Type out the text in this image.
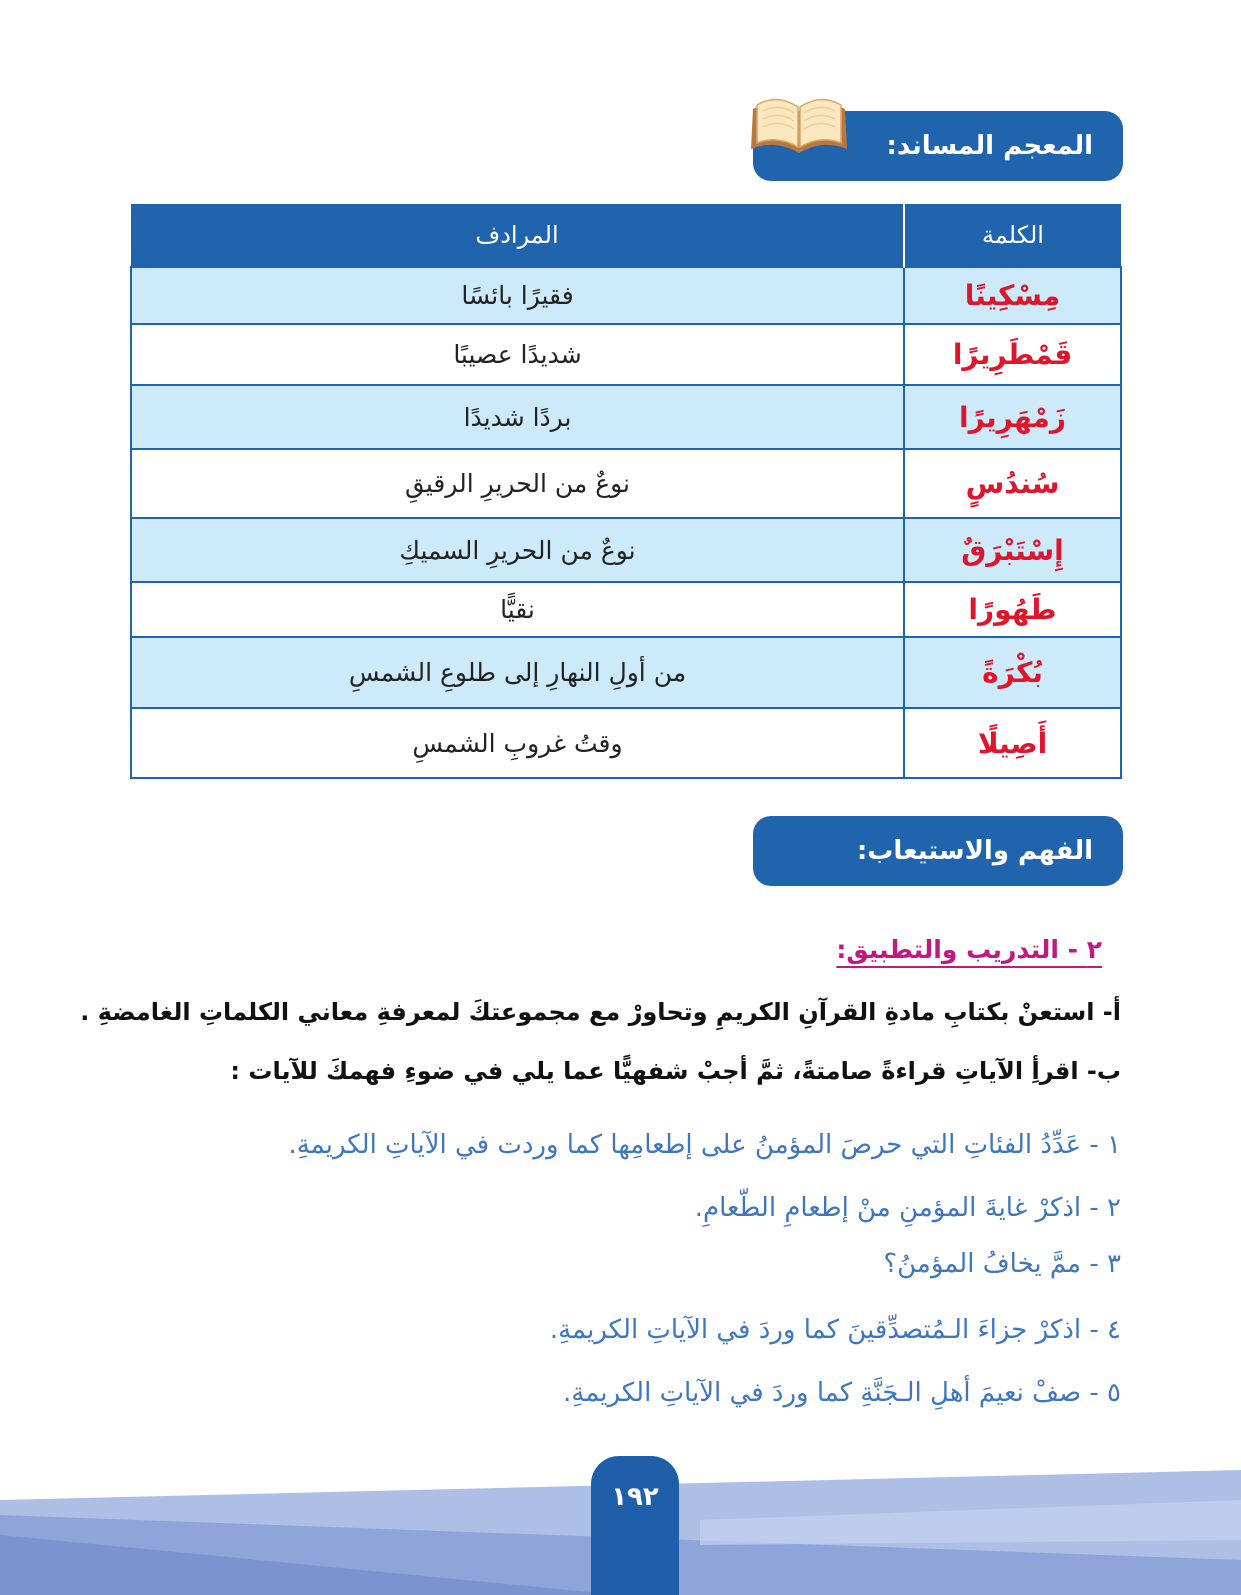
المعجم المساند:
الكلمة	المرادف
مِسْكِينًا	فقيرًا بائسًا
قَمْطَرِيرًا	شديدًا عصيبًا
زَمْهَرِيرًا	بردًا شديدًا
سُندُسٍ	نوعٌ من الحريرِ الرقيقِ
إِسْتَبْرَقٌ	نوعٌ من الحريرِ السميكِ
طَهُورًا	نقيًّا
بُكْرَةً	من أولِ النهارِ إلى طلوعِ الشمسِ
أَصِيلًا	وقتُ غروبِ الشمسِ
الفهم والاستيعاب:
٢ - التدريب والتطبيق:
أ- استعنْ بكتابِ مادةِ القرآنِ الكريمِ وتحاورْ مع مجموعتكَ لمعرفةِ معاني الكلماتِ الغامضةِ .
ب- اقرأِ الآياتِ قراءةً صامتةً، ثمَّ أجبْ شفهيًّا عما يلي في ضوءِ فهمكَ للآيات :
١ - عَدِّدُ الفئاتِ التي حرصَ المؤمنُ على إطعامِها كما وردت في الآياتِ الكريمةِ.
٢ - اذكرْ غايةَ المؤمنِ منْ إطعامِ الطّعامِ.
٣ - ممَّ يخافُ المؤمنُ؟
٤ - اذكرْ جزاءَ الـمُتصدِّقينَ كما وردَ في الآياتِ الكريمةِ.
٥ - صفْ نعيمَ أهلِ الـجَنَّةِ كما وردَ في الآياتِ الكريمةِ.
١٩٢
